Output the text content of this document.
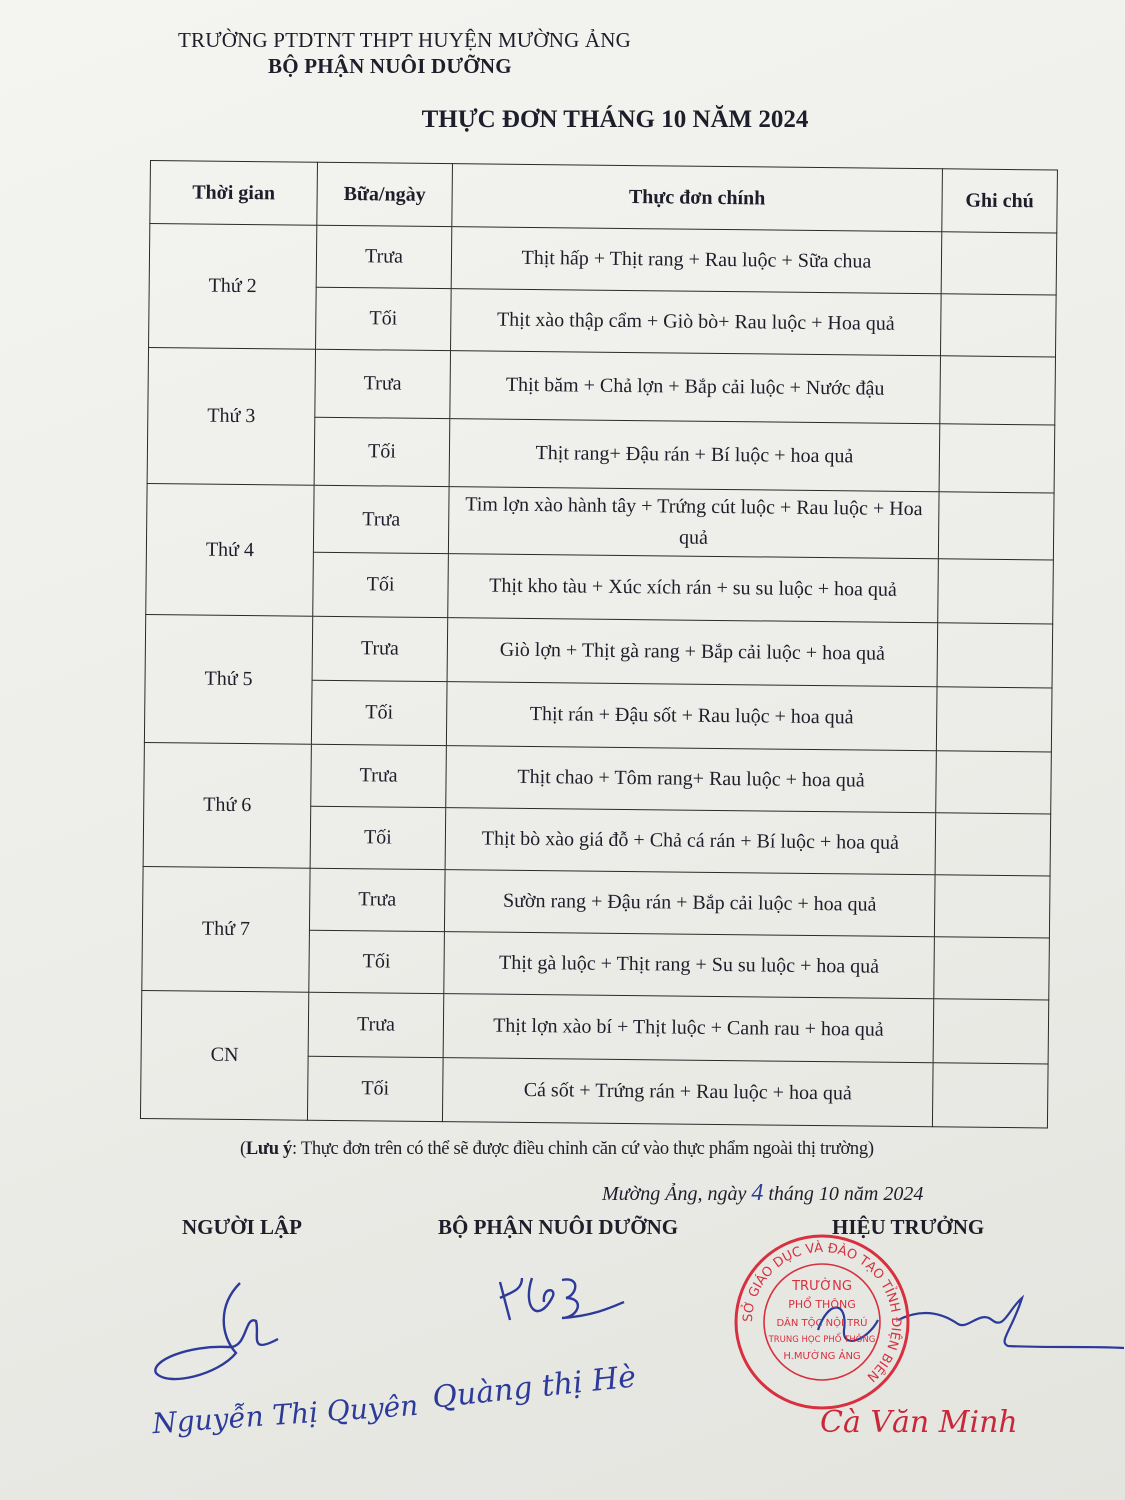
TRƯỜNG PTDTNT THPT HUYỆN MƯỜNG ẢNG
BỘ PHẬN NUÔI DƯỠNG
THỰC ĐƠN THÁNG 10 NĂM 2024
Thời gian	Bữa/ngày	Thực đơn chính	Ghi chú
Thứ 2	Trưa	Thịt hấp + Thịt rang + Rau luộc + Sữa chua	
	Tối	Thịt xào thập cẩm + Giò bò+ Rau luộc + Hoa quả	
Thứ 3	Trưa	Thịt băm + Chả lợn + Bắp cải luộc + Nước đậu	
	Tối	Thịt rang+ Đậu rán + Bí luộc + hoa quả	
Thứ 4	Trưa	Tim lợn xào hành tây + Trứng cút luộc + Rau luộc + Hoa quả	
	Tối	Thịt kho tàu + Xúc xích rán + su su luộc + hoa quả	
Thứ 5	Trưa	Giò lợn + Thịt gà rang + Bắp cải luộc + hoa quả	
	Tối	Thịt rán + Đậu sốt + Rau luộc + hoa quả	
Thứ 6	Trưa	Thịt chao + Tôm rang+ Rau luộc + hoa quả	
	Tối	Thịt bò xào giá đỗ + Chả cá rán + Bí luộc + hoa quả	
Thứ 7	Trưa	Sườn rang + Đậu rán + Bắp cải luộc + hoa quả	
	Tối	Thịt gà luộc + Thịt rang + Su su luộc + hoa quả	
CN	Trưa	Thịt lợn xào bí + Thịt luộc + Canh rau + hoa quả	
	Tối	Cá sốt + Trứng rán + Rau luộc + hoa quả	
(Lưu ý: Thực đơn trên có thể sẽ được điều chỉnh căn cứ vào thực phẩm ngoài thị trường)
Mường Ảng, ngày 4 tháng 10 năm 2024
NGƯỜI LẬP	BỘ PHẬN NUÔI DƯỠNG	HIỆU TRƯỞNG
SỞ GIÁO DỤC VÀ ĐÀO TẠO TỈNH ĐIỆN BIÊN
TRƯỜNG
PHỔ THÔNG
DÂN TỘC NỘI TRÚ
TRUNG HỌC PHỔ THÔNG
H.MƯỜNG ẢNG
Nguyễn Thị Quyên Quàng thị Hè
Cà Văn Minh
